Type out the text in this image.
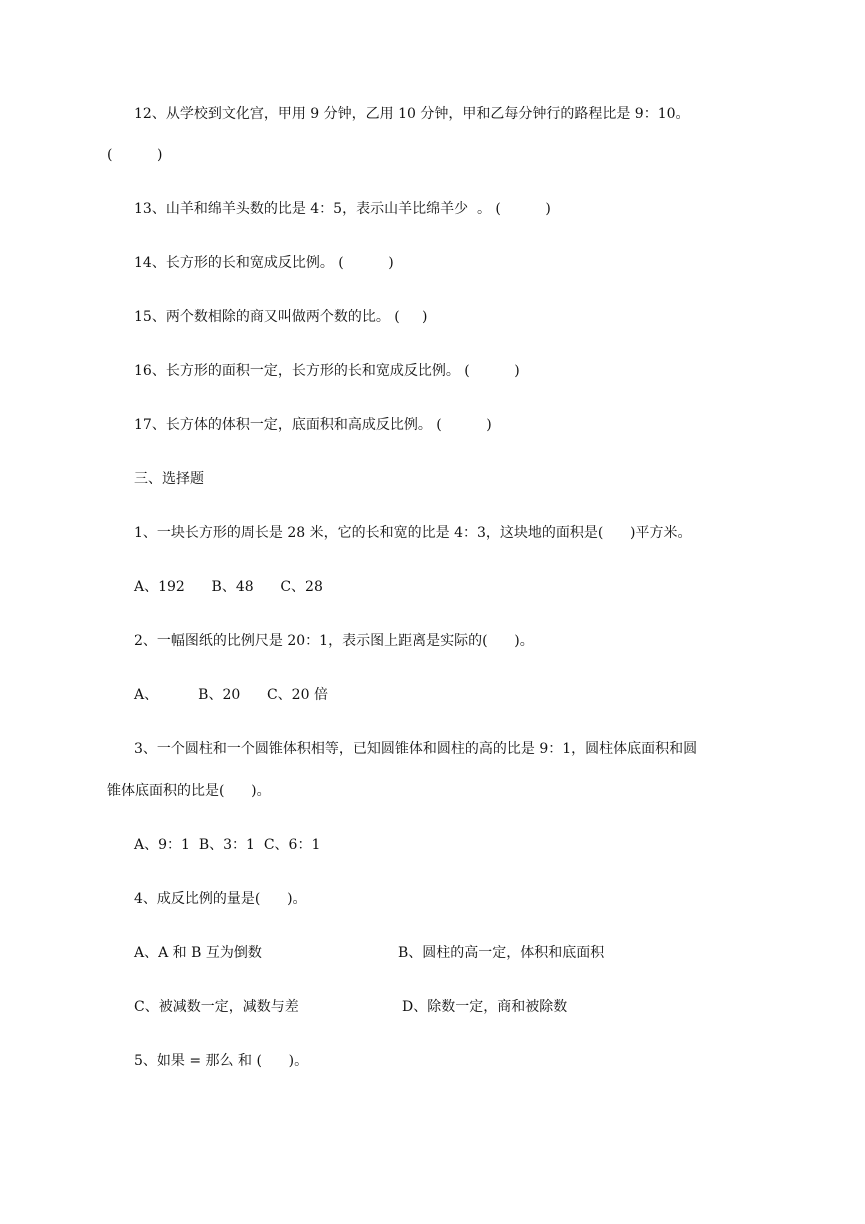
12、从学校到文化宫，甲用 9 分钟，乙用 10 分钟，甲和乙每分钟行的路程比是 9：10。
(          )
13、山羊和绵羊头数的比是 4：5，表示山羊比绵羊少  。 (          )
14、长方形的长和宽成反比例。 (          )
15、两个数相除的商又叫做两个数的比。 (     )
16、长方形的面积一定，长方形的长和宽成反比例。 (          )
17、长方体的体积一定，底面积和高成反比例。 (          )
三、选择题
1、一块长方形的周长是 28 米，它的长和宽的比是 4：3，这块地的面积是(      )平方米。
A、192      B、48      C、28
2、一幅图纸的比例尺是 20：1，表示图上距离是实际的(      )。
A、         B、20      C、20 倍
3、一个圆柱和一个圆锥体积相等，已知圆锥体和圆柱的高的比是 9：1，圆柱体底面积和圆
锥体底面积的比是(      )。
A、9：1  B、3：1  C、6：1
4、成反比例的量是(      )。
A、A 和 B 互为倒数	B、圆柱的高一定，体积和底面积
C、被减数一定，减数与差	D、除数一定，商和被除数
5、如果 = 那么 和 (      )。
